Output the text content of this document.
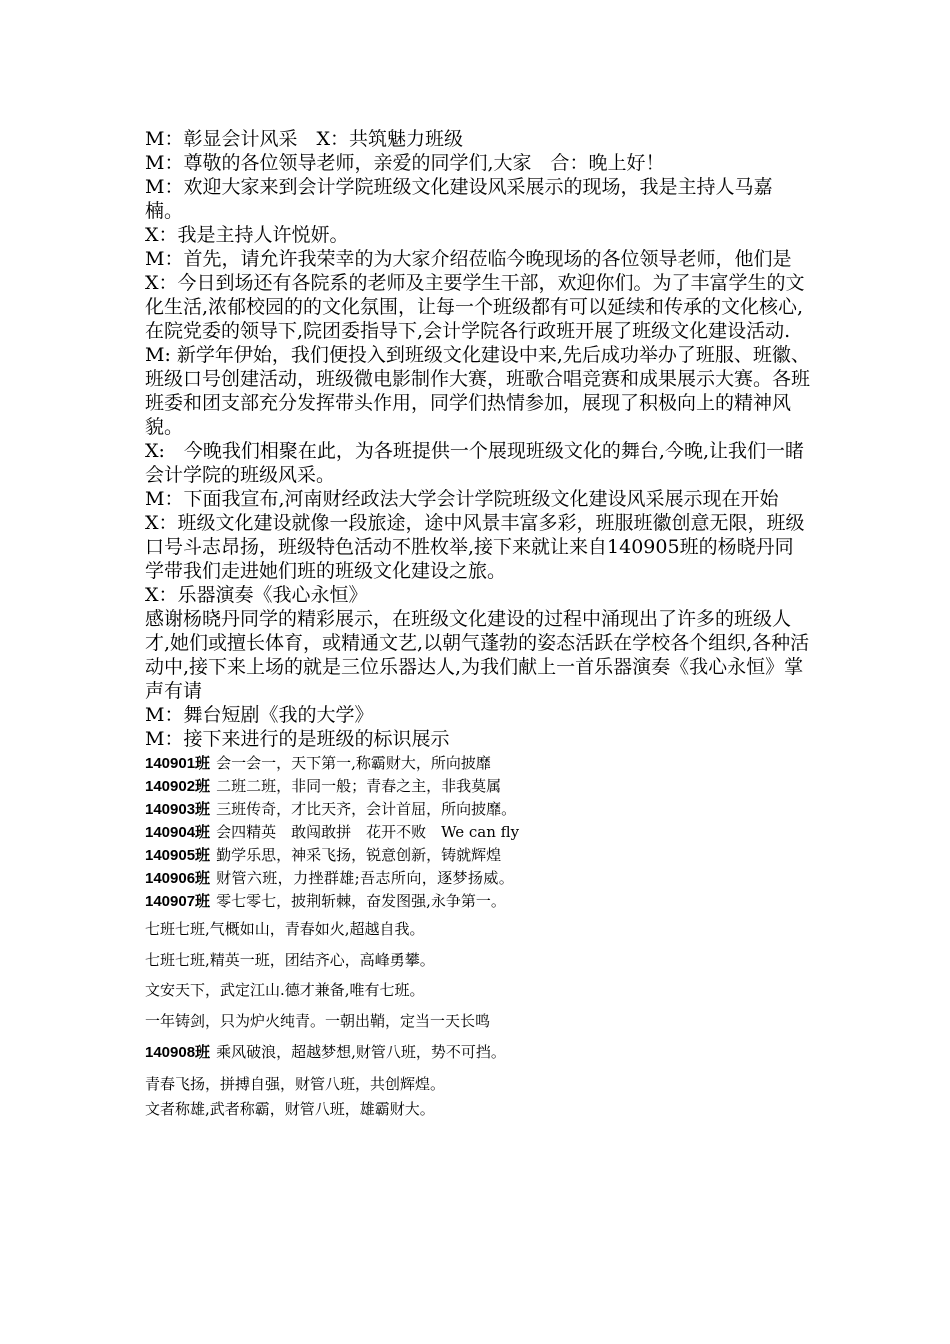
M：彰显会计风采　X：共筑魅力班级

M：尊敬的各位领导老师，亲爱的同学们,大家　合：晚上好！

M：欢迎大家来到会计学院班级文化建设风采展示的现场，我是主持人马嘉楠。

X：我是主持人许悦妍。

M：首先，请允许我荣幸的为大家介绍莅临今晚现场的各位领导老师，他们是

X：今日到场还有各院系的老师及主要学生干部，欢迎你们。为了丰富学生的文化生活,浓郁校园的的文化氛围，让每一个班级都有可以延续和传承的文化核心,在院党委的领导下,院团委指导下,会计学院各行政班开展了班级文化建设活动.

M: 新学年伊始，我们便投入到班级文化建设中来,先后成功举办了班服、班徽、班级口号创建活动，班级微电影制作大赛，班歌合唱竞赛和成果展示大赛。各班班委和团支部充分发挥带头作用，同学们热情参加，展现了积极向上的精神风貌。

X:　今晚我们相聚在此，为各班提供一个展现班级文化的舞台,今晚,让我们一睹会计学院的班级风采。

M：下面我宣布,河南财经政法大学会计学院班级文化建设风采展示现在开始

X：班级文化建设就像一段旅途，途中风景丰富多彩，班服班徽创意无限，班级口号斗志昂扬，班级特色活动不胜枚举,接下来就让来自140905班的杨晓丹同学带我们走进她们班的班级文化建设之旅。

X：乐器演奏《我心永恒》

感谢杨晓丹同学的精彩展示，在班级文化建设的过程中涌现出了许多的班级人才,她们或擅长体育，或精通文艺,以朝气蓬勃的姿态活跃在学校各个组织,各种活动中,接下来上场的就是三位乐器达人,为我们献上一首乐器演奏《我心永恒》掌声有请

M：舞台短剧《我的大学》

M：接下来进行的是班级的标识展示

140901班 会一会一，天下第一,称霸财大，所向披靡

140902班 二班二班，非同一般；青春之主，非我莫属

140903班 三班传奇，才比天齐，会计首屈，所向披靡。

140904班 会四精英　敢闯敢拼　花开不败　We can fly

140905班 勤学乐思，神采飞扬，锐意创新，铸就辉煌

140906班 财管六班，力挫群雄;吾志所向，逐梦扬威。

140907班 零七零七，披荆斩棘，奋发图强,永争第一。

七班七班,气概如山，青春如火,超越自我。

七班七班,精英一班，团结齐心，高峰勇攀。

文安天下，武定江山.德才兼备,唯有七班。

一年铸剑，只为炉火纯青。一朝出鞘，定当一天长鸣

140908班 乘风破浪，超越梦想,财管八班，势不可挡。

青春飞扬，拼搏自强，财管八班，共创辉煌。

文者称雄,武者称霸，财管八班，雄霸财大。
